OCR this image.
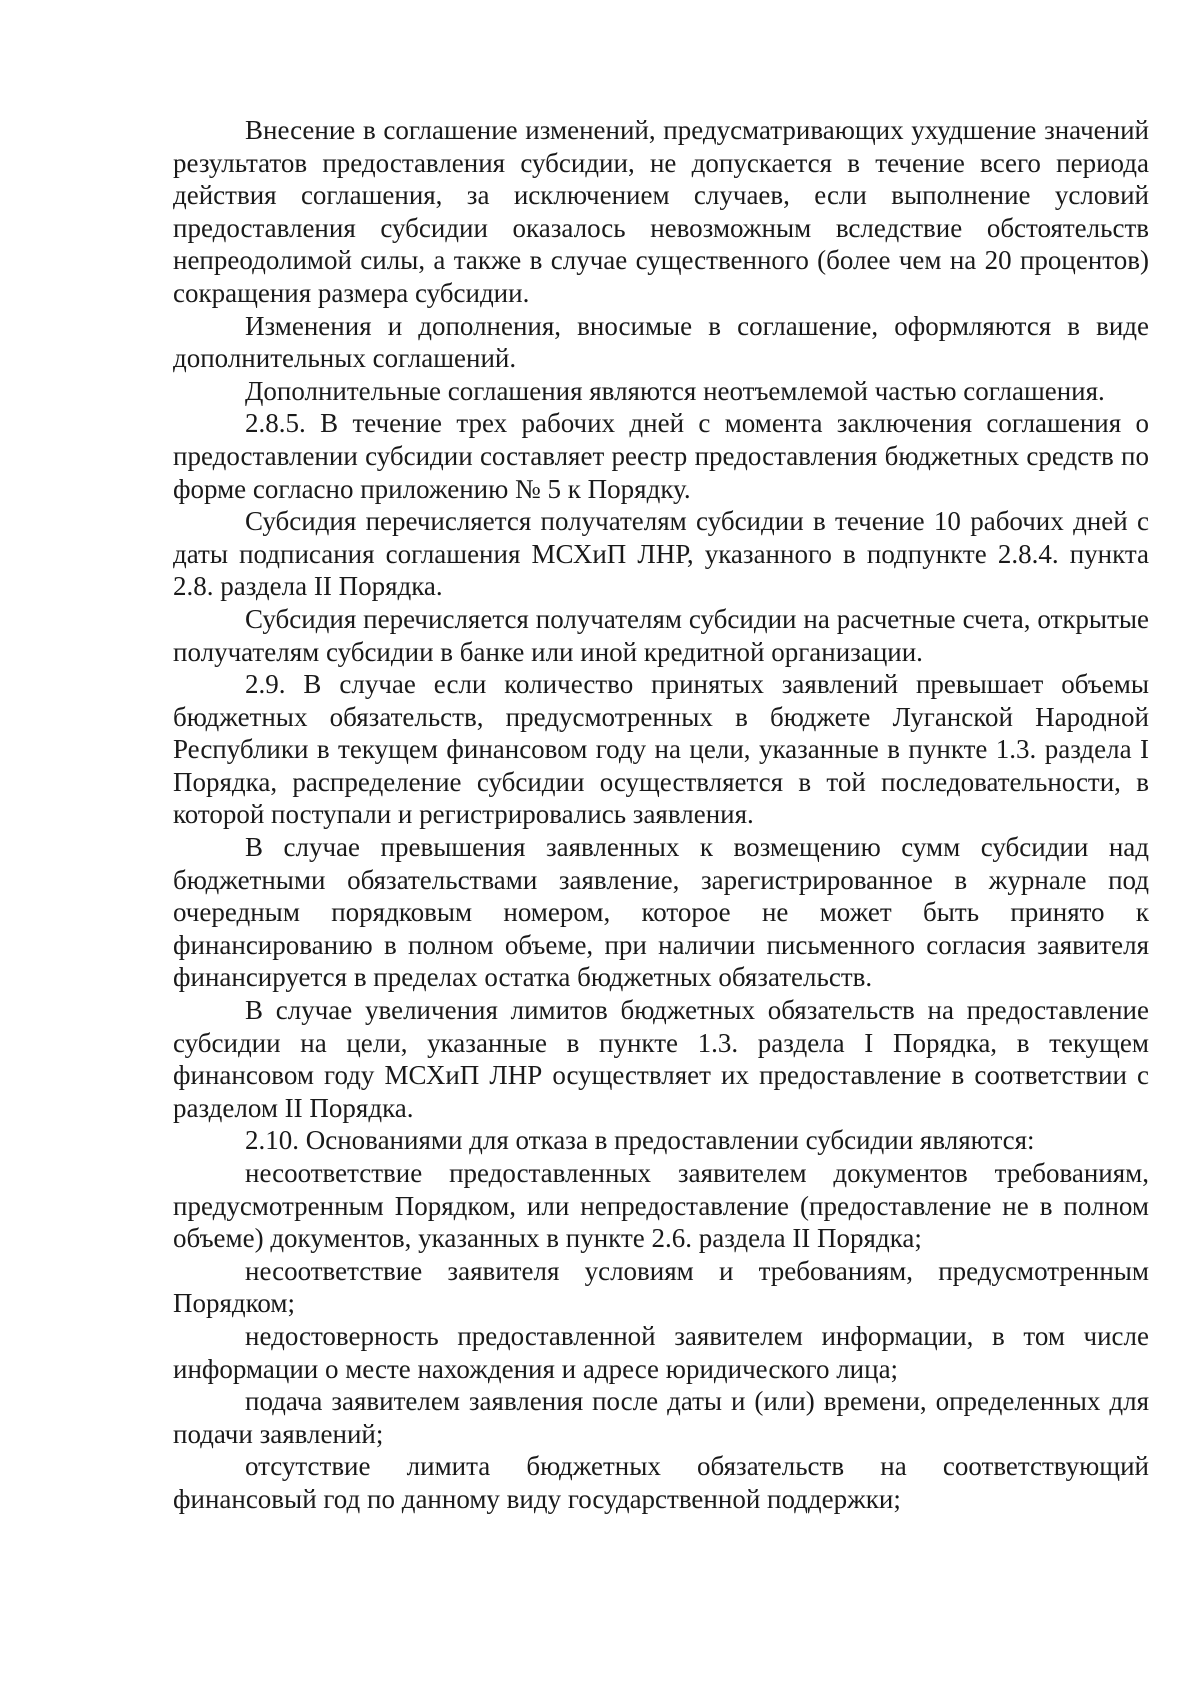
Внесение в соглашение изменений, предусматривающих ухудшение значений результатов предоставления субсидии, не допускается в течение всего периода действия соглашения, за исключением случаев, если выполнение условий предоставления субсидии оказалось невозможным вследствие обстоятельств непреодолимой силы, а также в случае существенного (более чем на 20 процентов) сокращения размера субсидии.

Изменения и дополнения, вносимые в соглашение, оформляются в виде дополнительных соглашений.

Дополнительные соглашения являются неотъемлемой частью соглашения.

2.8.5. В течение трех рабочих дней с момента заключения соглашения о предоставлении субсидии составляет реестр предоставления бюджетных средств по форме согласно приложению № 5 к Порядку.

Субсидия перечисляется получателям субсидии в течение 10 рабочих дней с даты подписания соглашения МСХиП ЛНР, указанного в подпункте 2.8.4. пункта 2.8. раздела II Порядка.

Субсидия перечисляется получателям субсидии на расчетные счета, открытые получателям субсидии в банке или иной кредитной организации.

2.9. В случае если количество принятых заявлений превышает объемы бюджетных обязательств, предусмотренных в бюджете Луганской Народной Республики в текущем финансовом году на цели, указанные в пункте 1.3. раздела I Порядка, распределение субсидии осуществляется в той последовательности, в которой поступали и регистрировались заявления.

В случае превышения заявленных к возмещению сумм субсидии над бюджетными обязательствами заявление, зарегистрированное в журнале под очередным порядковым номером, которое не может быть принято к финансированию в полном объеме, при наличии письменного согласия заявителя финансируется в пределах остатка бюджетных обязательств.

В случае увеличения лимитов бюджетных обязательств на предоставление субсидии на цели, указанные в пункте 1.3. раздела I Порядка, в текущем финансовом году МСХиП ЛНР осуществляет их предоставление в соответствии с разделом II Порядка.

2.10. Основаниями для отказа в предоставлении субсидии являются:

несоответствие предоставленных заявителем документов требованиям, предусмотренным Порядком, или непредоставление (предоставление не в полном объеме) документов, указанных в пункте 2.6. раздела II Порядка;

несоответствие заявителя условиям и требованиям, предусмотренным Порядком;

недостоверность предоставленной заявителем информации, в том числе информации о месте нахождения и адресе юридического лица;

подача заявителем заявления после даты и (или) времени, определенных для подачи заявлений;

отсутствие лимита бюджетных обязательств на соответствующий финансовый год по данному виду государственной поддержки;
